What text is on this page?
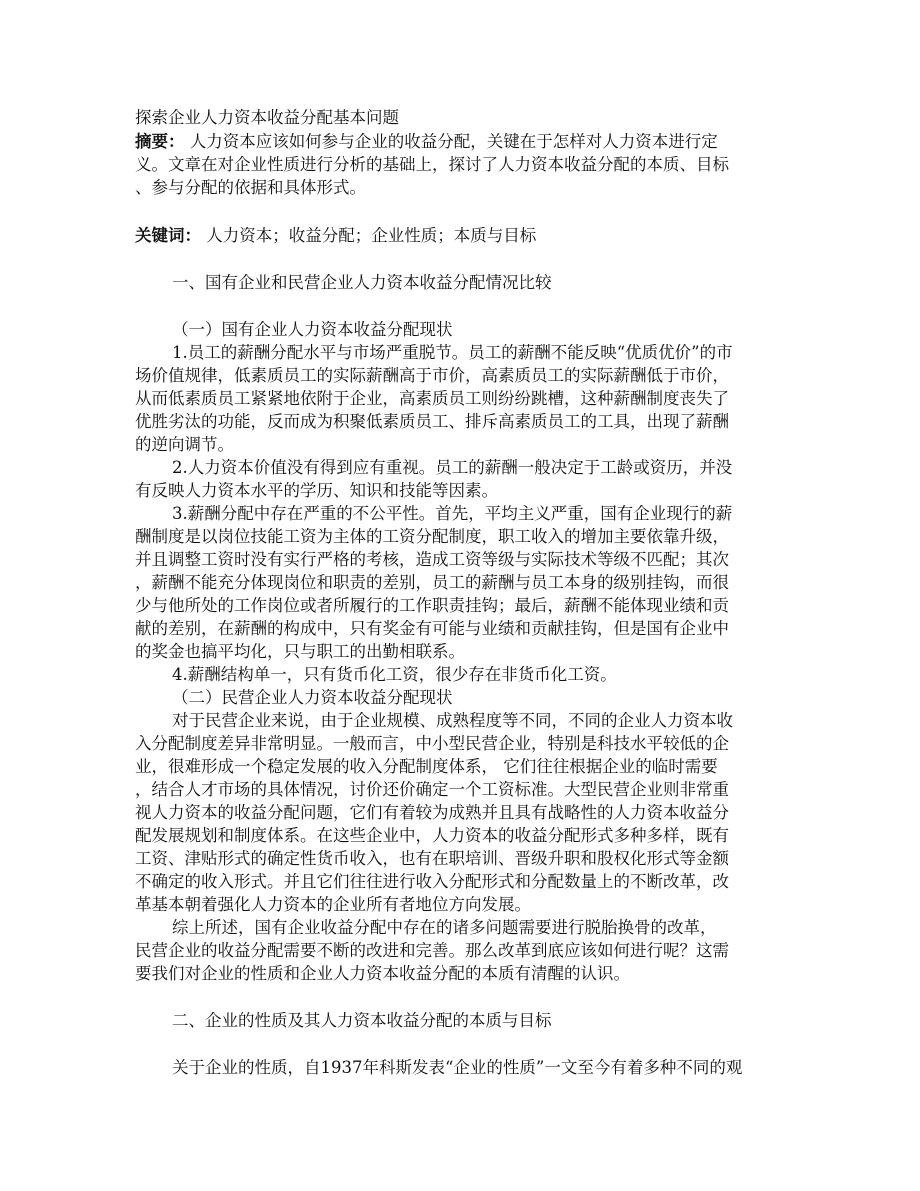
探索企业人力资本收益分配基本问题
摘要： 人力资本应该如何参与企业的收益分配，关键在于怎样对人力资本进行定
义。文章在对企业性质进行分析的基础上，探讨了人力资本收益分配的本质、目标
、参与分配的依据和具体形式。
关键词： 人力资本；收益分配；企业性质；本质与目标
一、国有企业和民营企业人力资本收益分配情况比较
（一）国有企业人力资本收益分配现状
1.员工的薪酬分配水平与市场严重脱节。员工的薪酬不能反映“优质优价”的市
场价值规律，低素质员工的实际薪酬高于市价，高素质员工的实际薪酬低于市价，
从而低素质员工紧紧地依附于企业，高素质员工则纷纷跳槽，这种薪酬制度丧失了
优胜劣汰的功能，反而成为积聚低素质员工、排斥高素质员工的工具，出现了薪酬
的逆向调节。
2.人力资本价值没有得到应有重视。员工的薪酬一般决定于工龄或资历，并没
有反映人力资本水平的学历、知识和技能等因素。
3.薪酬分配中存在严重的不公平性。首先，平均主义严重，国有企业现行的薪
酬制度是以岗位技能工资为主体的工资分配制度，职工收入的增加主要依靠升级，
并且调整工资时没有实行严格的考核，造成工资等级与实际技术等级不匹配；其次
，薪酬不能充分体现岗位和职责的差别，员工的薪酬与员工本身的级别挂钩，而很
少与他所处的工作岗位或者所履行的工作职责挂钩；最后，薪酬不能体现业绩和贡
献的差别，在薪酬的构成中，只有奖金有可能与业绩和贡献挂钩，但是国有企业中
的奖金也搞平均化，只与职工的出勤相联系。
4.薪酬结构单一，只有货币化工资，很少存在非货币化工资。
（二）民营企业人力资本收益分配现状
对于民营企业来说，由于企业规模、成熟程度等不同，不同的企业人力资本收
入分配制度差异非常明显。一般而言，中小型民营企业，特别是科技水平较低的企
业，很难形成一个稳定发展的收入分配制度体系， 它们往往根据企业的临时需要
，结合人才市场的具体情况，讨价还价确定一个工资标准。大型民营企业则非常重
视人力资本的收益分配问题，它们有着较为成熟并且具有战略性的人力资本收益分
配发展规划和制度体系。在这些企业中，人力资本的收益分配形式多种多样，既有
工资、津贴形式的确定性货币收入，也有在职培训、晋级升职和股权化形式等金额
不确定的收入形式。并且它们往往进行收入分配形式和分配数量上的不断改革，改
革基本朝着强化人力资本的企业所有者地位方向发展。
综上所述，国有企业收益分配中存在的诸多问题需要进行脱胎换骨的改革，
民营企业的收益分配需要不断的改进和完善。那么改革到底应该如何进行呢？这需
要我们对企业的性质和企业人力资本收益分配的本质有清醒的认识。
二、企业的性质及其人力资本收益分配的本质与目标
关于企业的性质，自1937年科斯发表“企业的性质”一文至今有着多种不同的观
